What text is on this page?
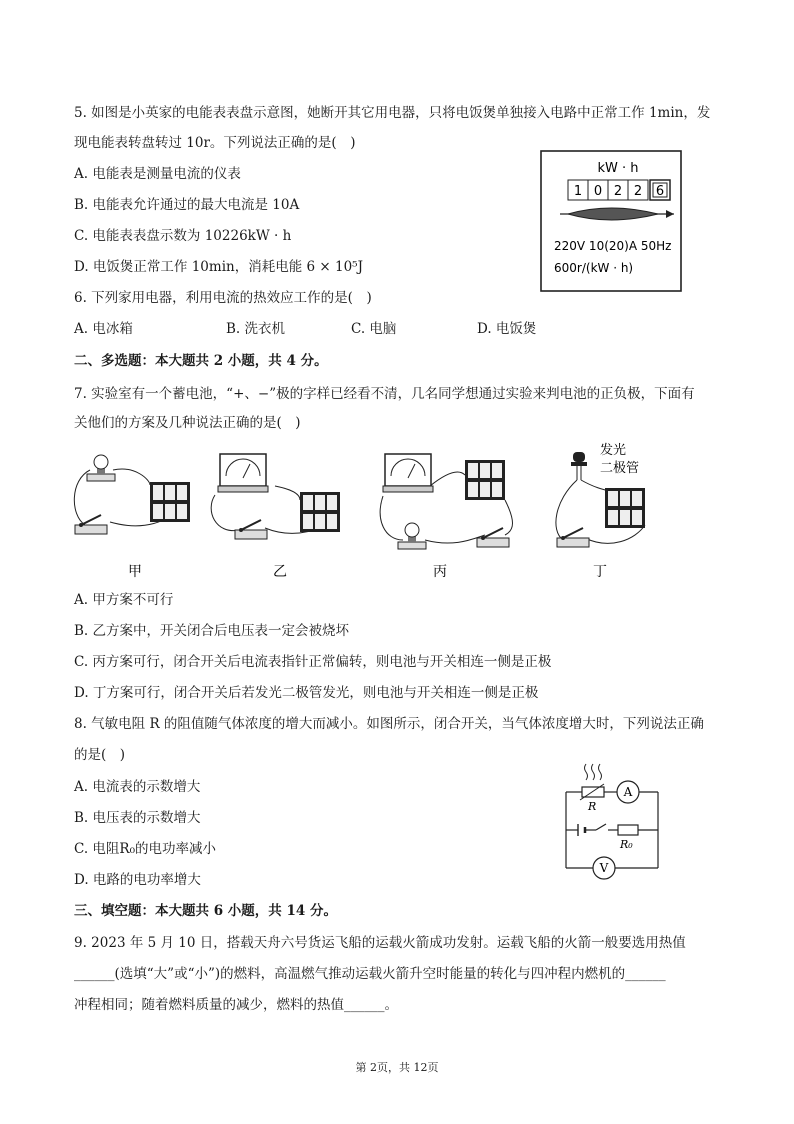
5. 如图是小英家的电能表表盘示意图，她断开其它用电器，只将电饭煲单独接入电路中正常工作 1min，发
现电能表转盘转过 10r。下列说法正确的是(　)
A. 电能表是测量电流的仪表
B. 电能表允许通过的最大电流是 10A
C. 电能表表盘示数为 10226kW · h
D. 电饭煲正常工作 10min，消耗电能 6 × 10⁵J
kW · h
1 0 2 2 6
220V 10(20)A 50Hz
600r/(kW · h)
6. 下列家用电器，利用电流的热效应工作的是(　)
A. 电冰箱	B. 洗衣机	C. 电脑	D. 电饭煲
二、多选题：本大题共 2 小题，共 4 分。
7. 实验室有一个蓄电池，“+、−”极的字样已经看不清，几名同学想通过实验来判电池的正负极，下面有
关他们的方案及几种说法正确的是(　)
发光
二极管
甲	乙	丙	丁
A. 甲方案不可行
B. 乙方案中，开关闭合后电压表一定会被烧坏
C. 丙方案可行，闭合开关后电流表指针正常偏转，则电池与开关相连一侧是正极
D. 丁方案可行，闭合开关后若发光二极管发光，则电池与开关相连一侧是正极
8. 气敏电阻 R 的阻值随气体浓度的增大而减小。如图所示，闭合开关，当气体浓度增大时，下列说法正确
的是(　)
A. 电流表的示数增大
B. 电压表的示数增大
C. 电阻R₀的电功率减小
D. 电路的电功率增大
R
A
R₀
V
三、填空题：本大题共 6 小题，共 14 分。
9. 2023 年 5 月 10 日，搭载天舟六号货运飞船的运载火箭成功发射。运载飞船的火箭一般要选用热值
______(选填“大”或“小”)的燃料，高温燃气推动运载火箭升空时能量的转化与四冲程内燃机的______
冲程相同；随着燃料质量的减少，燃料的热值______。
第 2页，共 12页
